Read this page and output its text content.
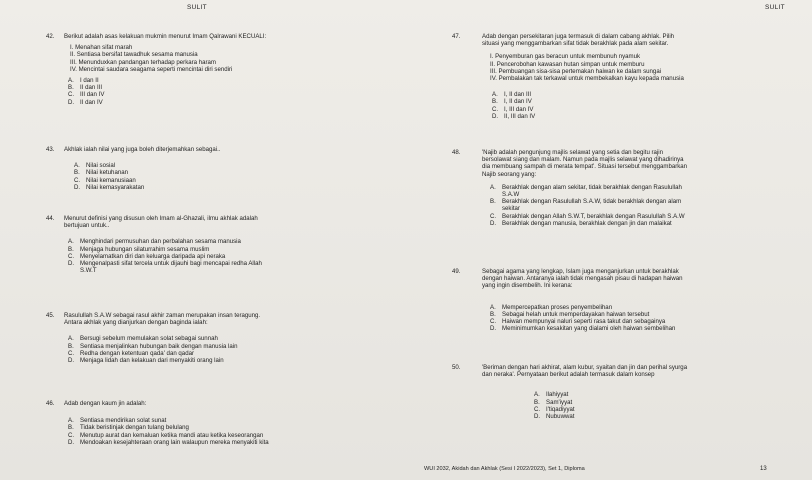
SULIT	SULIT
42.	Berikut adalah asas kelakuan mukmin menurut Imam Qalrawani KECUALI:
I. Menahan sifat marah
II. Sentiasa bersifat tawadhuk sesama manusia
III. Menunduxkan pandangan terhadap perkara haram
IV. Mencintai saudara seagama seperti mencintai diri sendiri
A. I dan II
B. II dan III
C. III dan IV
D. II dan IV
43.	Akhlak ialah nilai yang juga boleh diterjemahkan sebagai..
A. Nilai sosial
B. Nilai ketuhanan
C. Nilai kemanusiaan
D. Nilai kemasyarakatan
44.	Menurut definisi yang disusun oleh Imam al-Ghazali, ilmu akhlak adalah
bertujuan untuk..
A. Menghindari permusuhan dan perbalahan sesama manusia
B. Menjaga hubungan silaturrahim sesama muslim
C. Menyelamatkan diri dan keluarga daripada api neraka
D. Mengenalpasti sifat tercela untuk dijauhi bagi mencapai redha Allah
S.W.T
45.	Rasulullah S.A.W sebagai rasul akhir zaman merupakan insan teragung.
Antara akhlak yang dianjurkan dengan baginda ialah:
A. Bersugi sebelum memulakan solat sebagai sunnah
B. Sentiasa menjalinkan hubungan baik dengan manusia lain
C. Redha dengan ketentuan qada' dan qadar
D. Menjaga lidah dan kelakuan dari menyakiti orang lain
46.	Adab dengan kaum jin adalah:
A. Sentiasa mendirikan solat sunat
B. Tidak beristinjak dengan tulang belulang
C. Menutup aurat dan kemaluan ketika mandi atau ketika keseorangan
D. Mendoakan kesejahteraan orang lain walaupun mereka menyakiti kita
47.	Adab dengan persekitaran juga termasuk di dalam cabang akhlak. Pilih
situasi yang menggambarkan sifat tidak berakhlak pada alam sekitar.
I. Penyemburan gas beracun untuk membunuh nyamuk
II. Pencerobohan kawasan hutan simpan untuk memburu
III. Pembuangan sisa-sisa pertemakan haiwan ke dalam sungai
IV. Pembalakan tak terkawal untuk membekalkan kayu kepada manusia
A. I, II dan III
B. I, II dan IV
C. I, III dan IV
D. II, III dan IV
48.	'Najib adalah pengunjung majlis selawat yang setia dan begitu rajin
bersolawat siang dan malam. Namun pada majlis selawat yang dihadirinya
dia membuang sampah di merata tempat'. Situasi tersebut menggambarkan
Najib seorang yang:
A. Berakhlak dengan alam sekitar, tidak berakhlak dengan Rasulullah
S.A.W
B. Berakhlak dengan Rasulullah S.A.W, tidak berakhlak dengan alam
sekitar
C. Berakhlak dengan Allah S.W.T, berakhlak dengan Rasulullah S.A.W
D. Berakhlak dengan manusia, berakhlak dengan jin dan malaikat
49.	Sebagai agama yang lengkap, Islam juga menganjurkan untuk berakhlak
dengan haiwan. Antaranya ialah tidak mengasah pisau di hadapan haiwan
yang ingin disembelih. Ini kerana:
A. Mempercepatkan proses penyembelihan
B. Sebagai helah untuk memperdayakan haiwan tersebut
C. Haiwan mempunyai naluri seperti rasa takut dan sebagainya
D. Meminimumkan kesakitan yang dialami oleh haiwan sembelihan
50.	'Beriman dengan hari akhirat, alam kubur, syaitan dan jin dan perihal syurga
dan neraka'. Pernyataan berikut adalah termasuk dalam konsep
A. Ilahiyyat
B. Sam'iyyat
C. I'tiqadiyyat
D. Nubuwwat
WUI 2032, Akidah dan Akhlak (Sesi I 2022/2023), Set 1, Diploma	13
